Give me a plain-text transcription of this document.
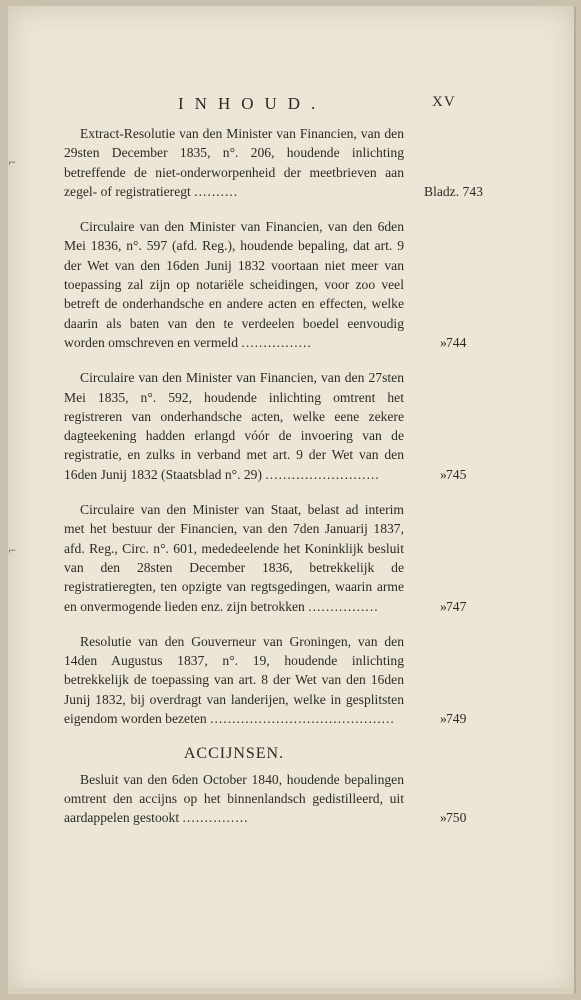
⌐
⌐
INHOUD.	XV
Extract-Resolutie van den Minister van Financien, van den 29sten December 1835, n°. 206, houdende inlichting betreffende de niet-onderworpenheid der meetbrieven aan zegel- of registratieregt ..........	Bladz. 743
Circulaire van den Minister van Financien, van den 6den Mei 1836, n°. 597 (afd. Reg.), houdende bepaling, dat art. 9 der Wet van den 16den Junij 1832 voortaan niet meer van toepassing zal zijn op notariële scheidingen, voor zoo veel betreft de onderhandsche en andere acten en effecten, welke daarin als baten van den te verdeelen boedel eenvoudig worden omschreven en vermeld ................	»744
Circulaire van den Minister van Financien, van den 27sten Mei 1835, n°. 592, houdende inlichting omtrent het registreren van onderhandsche acten, welke eene zekere dagteekening hadden erlangd vóór de invoering van de registratie, en zulks in verband met art. 9 der Wet van den 16den Junij 1832 (Staatsblad n°. 29) ..........................	»745
Circulaire van den Minister van Staat, belast ad interim met het bestuur der Financien, van den 7den Januarij 1837, afd. Reg., Circ. n°. 601, mededeelende het Koninklijk besluit van den 28sten December 1836, betrekkelijk de registratieregten, ten opzigte van regtsgedingen, waarin arme en onvermogende lieden enz. zijn betrokken ................	»747
Resolutie van den Gouverneur van Groningen, van den 14den Augustus 1837, n°. 19, houdende inlichting betrekkelijk de toepassing van art. 8 der Wet van den 16den Junij 1832, bij overdragt van landerijen, welke in gesplitsten eigendom worden bezeten ..........................................	»749
ACCIJNSEN.
Besluit van den 6den October 1840, houdende bepalingen omtrent den accijns op het binnenlandsch gedistilleerd, uit aardappelen gestookt ...............	»750
